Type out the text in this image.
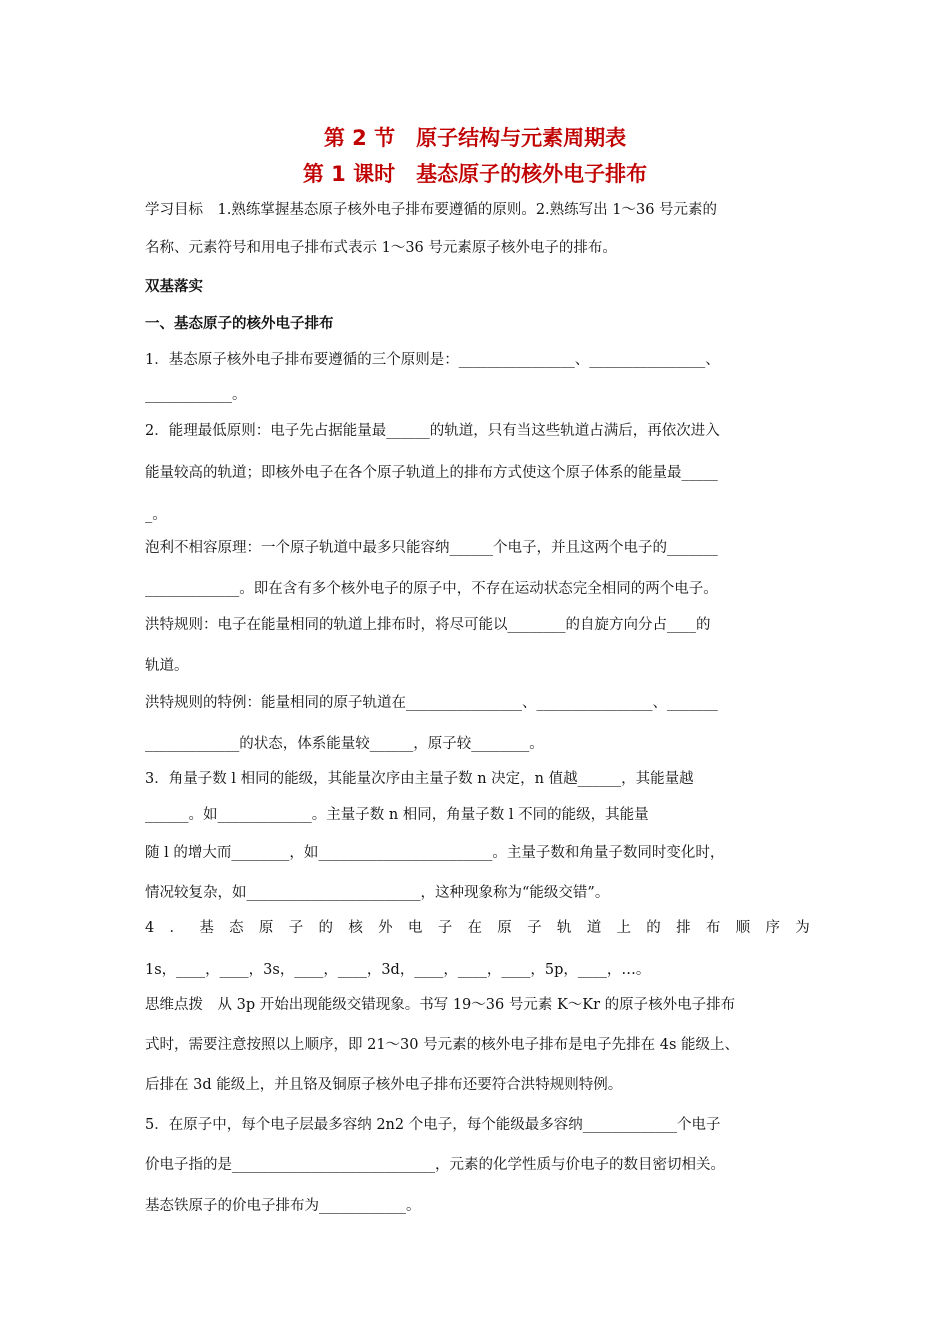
第 2 节　原子结构与元素周期表
第 1 课时　基态原子的核外电子排布
学习目标　1.熟练掌握基态原子核外电子排布要遵循的原则。2.熟练写出 1～36 号元素的
名称、元素符号和用电子排布式表示 1～36 号元素原子核外电子的排布。
双基落实
一、基态原子的核外电子排布
1．基态原子核外电子排布要遵循的三个原则是：________________、________________、
____________。
2．能理最低原则：电子先占据能量最______的轨道，只有当这些轨道占满后，再依次进入
能量较高的轨道；即核外电子在各个原子轨道上的排布方式使这个原子体系的能量最_____
_。
泡利不相容原理：一个原子轨道中最多只能容纳______个电子，并且这两个电子的_______
_____________。即在含有多个核外电子的原子中，不存在运动状态完全相同的两个电子。
洪特规则：电子在能量相同的轨道上排布时，将尽可能以________的自旋方向分占____的
轨道。
洪特规则的特例：能量相同的原子轨道在________________、________________、_______
_____________的状态，体系能量较______，原子较________。
3．角量子数 l 相同的能级，其能量次序由主量子数 n 决定，n 值越______，其能量越
______。如_____________。主量子数 n 相同，角量子数 l 不同的能级，其能量
随 l 的增大而________，如________________________。主量子数和角量子数同时变化时，
情况较复杂，如________________________，这种现象称为“能级交错”。
4 ． 基 态 原 子 的 核 外 电 子 在 原 子 轨 道 上 的 排 布 顺 序 为
1s，____，____，3s，____，____，3d，____，____，____，5p，____，…。
思维点拨　从 3p 开始出现能级交错现象。书写 19～36 号元素 K～Kr 的原子核外电子排布
式时，需要注意按照以上顺序，即 21～30 号元素的核外电子排布是电子先排在 4s 能级上、
后排在 3d 能级上，并且铬及铜原子核外电子排布还要符合洪特规则特例。
5．在原子中，每个电子层最多容纳 2n2 个电子，每个能级最多容纳_____________个电子
价电子指的是____________________________，元素的化学性质与价电子的数目密切相关。
基态铁原子的价电子排布为____________。
